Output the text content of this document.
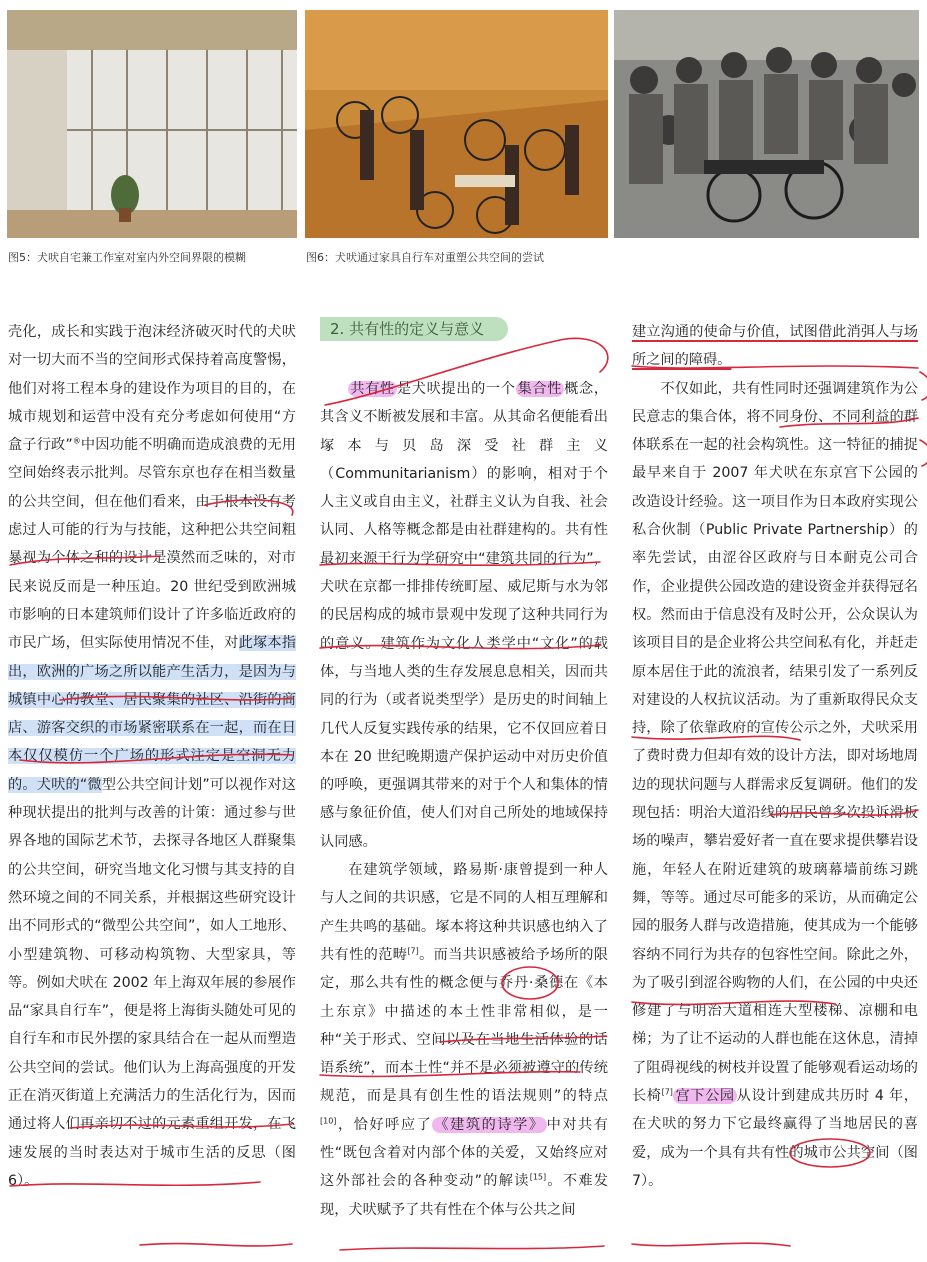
图5：犬吠自宅兼工作室对室内外空间界限的模糊	图6：犬吠通过家具自行车对重塑公共空间的尝试

壳化，成长和实践于泡沫经济破灭时代的犬吠对一切大而不当的空间形式保持着高度警惕，他们对将工程本身的建设作为项目的目的，在城市规划和运营中没有充分考虑如何使用“方盒子行政”®中因功能不明确而造成浪费的无用空间始终表示批判。尽管东京也存在相当数量的公共空间，但在他们看来，由于根本没有考虑过人可能的行为与技能，这种把公共空间粗暴视为个体之和的设计是漠然而乏味的，对市民来说反而是一种压迫。20 世纪受到欧洲城市影响的日本建筑师们设计了许多临近政府的市民广场，但实际使用情况不佳，对此塚本指出，欧洲的广场之所以能产生活力，是因为与城镇中心的教堂、居民聚集的社区、沿街的商店、游客交织的市场紧密联系在一起，而在日本仅仅模仿一个广场的形式注定是空洞无力的。犬吠的“微型公共空间计划”可以视作对这种现状提出的批判与改善的计策：通过参与世界各地的国际艺术节，去探寻各地区人群聚集的公共空间，研究当地文化习惯与其支持的自然环境之间的不同关系，并根据这些研究设计出不同形式的“微型公共空间”，如人工地形、小型建筑物、可移动构筑物、大型家具，等等。例如犬吠在 2002 年上海双年展的参展作品“家具自行车”，便是将上海街头随处可见的自行车和市民外摆的家具结合在一起从而塑造公共空间的尝试。他们认为上海高强度的开发正在消灭街道上充满活力的生活化行为，因而通过将人们再亲切不过的元素重组开发，在飞速发展的当时表达对于城市生活的反思（图 6）。

2. 共有性的定义与意义

共有性 是犬吠提出的一个 集合性 概念，其含义不断被发展和丰富。从其命名便能看出塚本与贝岛深受社群主义（Communitarianism）的影响，相对于个人主义或自由主义，社群主义认为自我、社会认同、人格等概念都是由社群建构的。共有性最初来源于行为学研究中“建筑共同的行为”，犬吠在京都一排排传统町屋、威尼斯与水为邻的民居构成的城市景观中发现了这种共同行为的意义。建筑作为文化人类学中“文化”的载体，与当地人类的生存发展息息相关，因而共同的行为（或者说类型学）是历史的时间轴上几代人反复实践传承的结果，它不仅回应着日本在 20 世纪晚期遗产保护运动中对历史价值的呼唤，更强调其带来的对于个人和集体的情感与象征价值，使人们对自己所处的地域保持认同感。

在建筑学领域，路易斯·康曾提到一种人与人之间的共识感，它是不同的人相互理解和产生共鸣的基础。塚本将这种共识感也纳入了共有性的范畴[7]。而当共识感被给予场所的限定，那么共有性的概念便与乔丹·桑德在《本土东京》中描述的本土性非常相似，是一种“关于形式、空间以及在当地生活体验的话语系统”，而本土性“并不是必须被遵守的传统规范，而是具有创生性的语法规则”的特点[10]，恰好呼应了 《建筑的诗学》 中对共有性“既包含着对内部个体的关爱，又始终应对这外部社会的各种变动”的解读[15]。不难发现，犬吠赋予了共有性在个体与公共之间

建立沟通的使命与价值，试图借此消弭人与场所之间的障碍。

不仅如此，共有性同时还强调建筑作为公民意志的集合体，将不同身份、不同利益的群体联系在一起的社会构筑性。这一特征的捕捉最早来自于 2007 年犬吠在东京宫下公园的改造设计经验。这一项目作为日本政府实现公私合伙制（Public Private Partnership）的率先尝试，由涩谷区政府与日本耐克公司合作，企业提供公园改造的建设资金并获得冠名权。然而由于信息没有及时公开，公众误认为该项目目的是企业将公共空间私有化，并赶走原本居住于此的流浪者，结果引发了一系列反对建设的人权抗议活动。为了重新取得民众支持，除了依靠政府的宣传公示之外，犬吠采用了费时费力但却有效的设计方法，即对场地周边的现状问题与人群需求反复调研。他们的发现包括：明治大道沿线的居民曾多次投诉滑板场的噪声，攀岩爱好者一直在要求提供攀岩设施，年轻人在附近建筑的玻璃幕墙前练习跳舞，等等。通过尽可能多的采访，从而确定公园的服务人群与改造措施，使其成为一个能够容纳不同行为共存的包容性空间。除此之外，为了吸引到涩谷购物的人们，在公园的中央还修建了与明治大道相连大型楼梯、凉棚和电梯；为了让不运动的人群也能在这休息，清掉了阻碍视线的树枝并设置了能够观看运动场的长椅[7] 宫下公园 从设计到建成共历时 4 年，在犬吠的努力下它最终赢得了当地居民的喜爱，成为一个具有共有性的城市公共空间（图 7）。
